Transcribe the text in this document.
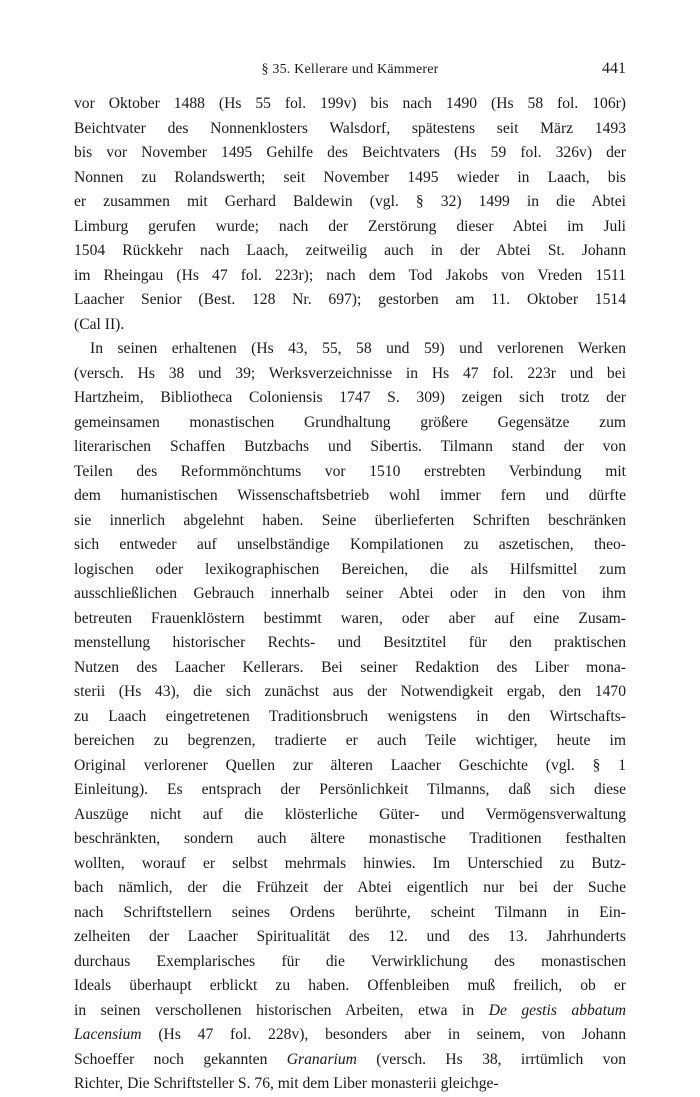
§ 35. Kellerare und Kämmerer	441
vor Oktober 1488 (Hs 55 fol. 199v) bis nach 1490 (Hs 58 fol. 106r)
Beichtvater des Nonnenklosters Walsdorf, spätestens seit März 1493
bis vor November 1495 Gehilfe des Beichtvaters (Hs 59 fol. 326v) der
Nonnen zu Rolandswerth; seit November 1495 wieder in Laach, bis
er zusammen mit Gerhard Baldewin (vgl. § 32) 1499 in die Abtei
Limburg gerufen wurde; nach der Zerstörung dieser Abtei im Juli
1504 Rückkehr nach Laach, zeitweilig auch in der Abtei St. Johann
im Rheingau (Hs 47 fol. 223r); nach dem Tod Jakobs von Vreden 1511
Laacher Senior (Best. 128 Nr. 697); gestorben am 11. Oktober 1514
(Cal II).
In seinen erhaltenen (Hs 43, 55, 58 und 59) und verlorenen Werken
(versch. Hs 38 und 39; Werksverzeichnisse in Hs 47 fol. 223r und bei
Hartzheim, Bibliotheca Coloniensis 1747 S. 309) zeigen sich trotz der
gemeinsamen monastischen Grundhaltung größere Gegensätze zum
literarischen Schaffen Butzbachs und Sibertis. Tilmann stand der von
Teilen des Reformmönchtums vor 1510 erstrebten Verbindung mit
dem humanistischen Wissenschaftsbetrieb wohl immer fern und dürfte
sie innerlich abgelehnt haben. Seine überlieferten Schriften beschränken
sich entweder auf unselbständige Kompilationen zu aszetischen, theo-
logischen oder lexikographischen Bereichen, die als Hilfsmittel zum
ausschließlichen Gebrauch innerhalb seiner Abtei oder in den von ihm
betreuten Frauenklöstern bestimmt waren, oder aber auf eine Zusam-
menstellung historischer Rechts- und Besitztitel für den praktischen
Nutzen des Laacher Kellerars. Bei seiner Redaktion des Liber mona-
sterii (Hs 43), die sich zunächst aus der Notwendigkeit ergab, den 1470
zu Laach eingetretenen Traditionsbruch wenigstens in den Wirtschafts-
bereichen zu begrenzen, tradierte er auch Teile wichtiger, heute im
Original verlorener Quellen zur älteren Laacher Geschichte (vgl. § 1
Einleitung). Es entsprach der Persönlichkeit Tilmanns, daß sich diese
Auszüge nicht auf die klösterliche Güter- und Vermögensverwaltung
beschränkten, sondern auch ältere monastische Traditionen festhalten
wollten, worauf er selbst mehrmals hinwies. Im Unterschied zu Butz-
bach nämlich, der die Frühzeit der Abtei eigentlich nur bei der Suche
nach Schriftstellern seines Ordens berührte, scheint Tilmann in Ein-
zelheiten der Laacher Spiritualität des 12. und des 13. Jahrhunderts
durchaus Exemplarisches für die Verwirklichung des monastischen
Ideals überhaupt erblickt zu haben. Offenbleiben muß freilich, ob er
in seinen verschollenen historischen Arbeiten, etwa in De gestis abbatum
Lacensium (Hs 47 fol. 228v), besonders aber in seinem, von Johann
Schoeffer noch gekannten Granarium (versch. Hs 38, irrtümlich von
Richter, Die Schriftsteller S. 76, mit dem Liber monasterii gleichge-
